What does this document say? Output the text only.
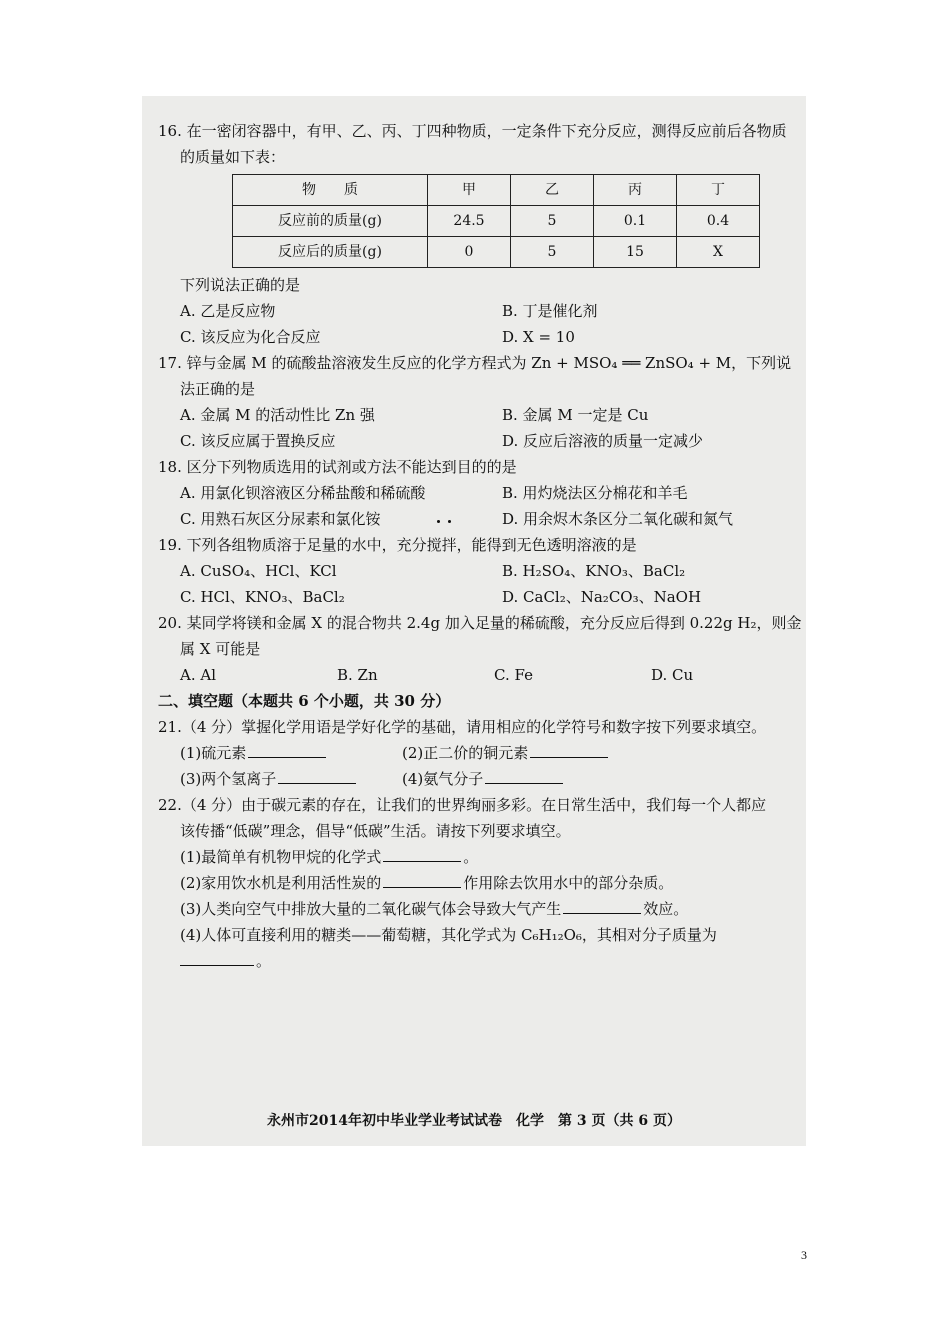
16. 在一密闭容器中，有甲、乙、丙、丁四种物质，一定条件下充分反应，测得反应前后各物质
的质量如下表：
物　　质	甲	乙	丙	丁
反应前的质量(g)	24.5	5	0.1	0.4
反应后的质量(g)	0	5	15	X
下列说法正确的是
A. 乙是反应物	B. 丁是催化剂
C. 该反应为化合反应	D. X = 10
17. 锌与金属 M 的硫酸盐溶液发生反应的化学方程式为 Zn + MSO₄ ══ ZnSO₄ + M，下列说
法正确的是
A. 金属 M 的活动性比 Zn 强	B. 金属 M 一定是 Cu
C. 该反应属于置换反应	D. 反应后溶液的质量一定减少
18. 区分下列物质选用的试剂或方法不能达到目的的是
A. 用氯化钡溶液区分稀盐酸和稀硫酸	B. 用灼烧法区分棉花和羊毛
C. 用熟石灰区分尿素和氯化铵	D. 用余烬木条区分二氧化碳和氮气
19. 下列各组物质溶于足量的水中，充分搅拌，能得到无色透明溶液的是
A. CuSO₄、HCl、KCl	B. H₂SO₄、KNO₃、BaCl₂
C. HCl、KNO₃、BaCl₂	D. CaCl₂、Na₂CO₃、NaOH
20. 某同学将镁和金属 X 的混合物共 2.4g 加入足量的稀硫酸，充分反应后得到 0.22g H₂，则金
属 X 可能是
A. Al	B. Zn	C. Fe	D. Cu
二、填空题（本题共 6 个小题，共 30 分）
21.（4 分）掌握化学用语是学好化学的基础，请用相应的化学符号和数字按下列要求填空。
(1)硫元素	(2)正二价的铜元素
(3)两个氢离子	(4)氨气分子
22.（4 分）由于碳元素的存在，让我们的世界绚丽多彩。在日常生活中，我们每一个人都应
该传播“低碳”理念，倡导“低碳”生活。请按下列要求填空。
(1)最简单有机物甲烷的化学式	。
(2)家用饮水机是利用活性炭的	作用除去饮用水中的部分杂质。
(3)人类向空气中排放大量的二氧化碳气体会导致大气产生	效应。
(4)人体可直接利用的糖类——葡萄糖，其化学式为 C₆H₁₂O₆，其相对分子质量为
。
永州市2014年初中毕业学业考试试卷　化学　第 3 页（共 6 页）
3
